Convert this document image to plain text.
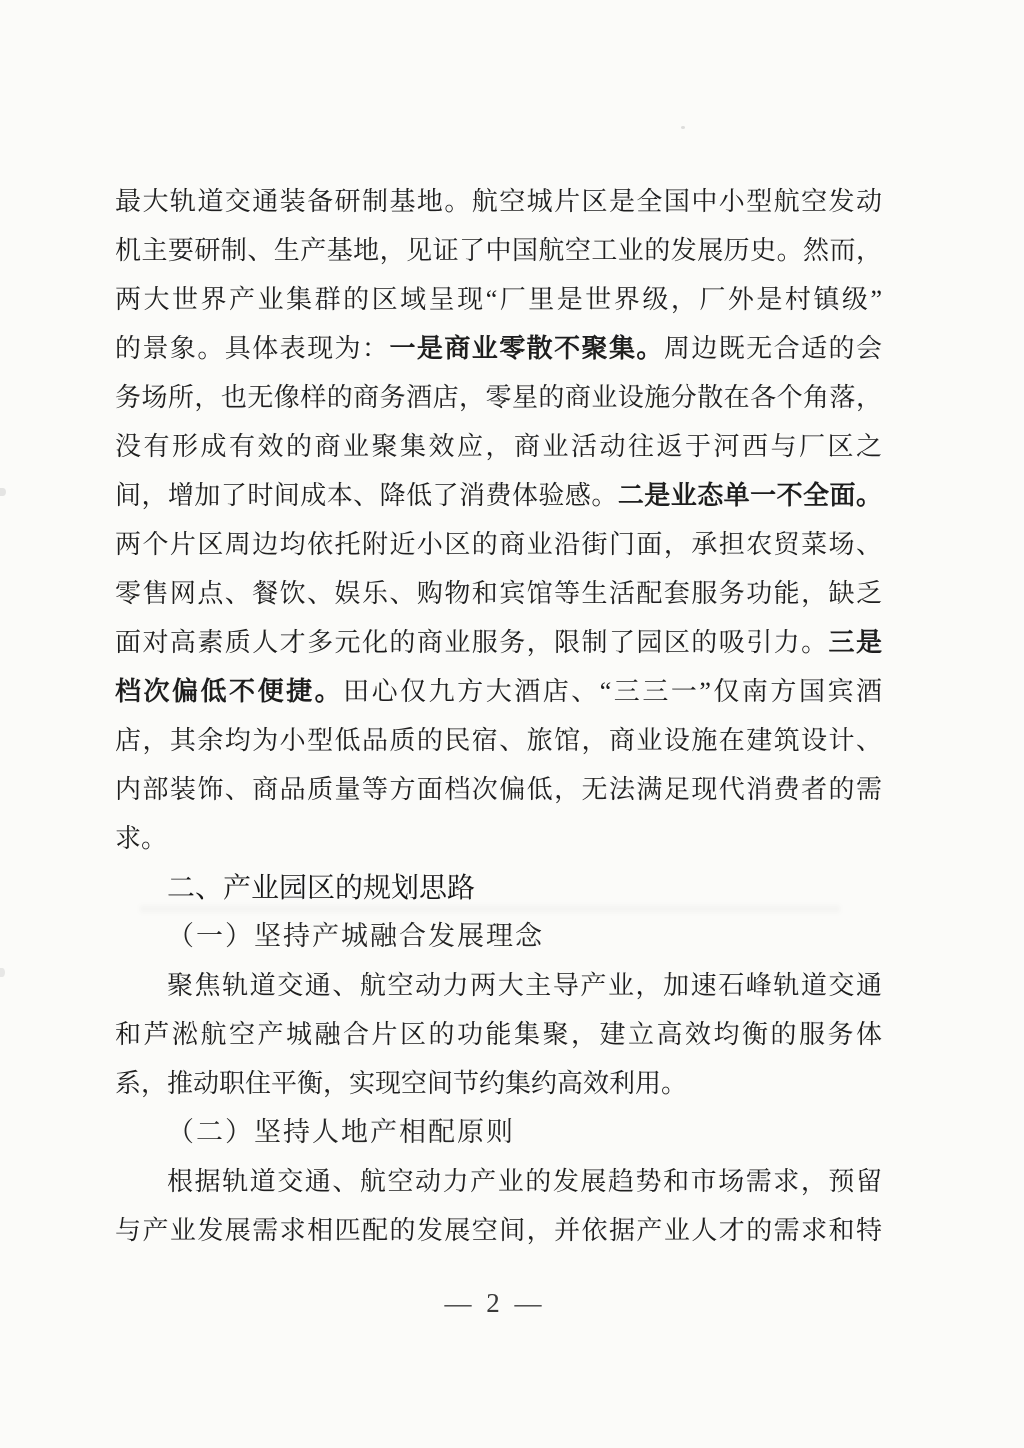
最大轨道交通装备研制基地。航空城片区是全国中小型航空发动
机主要研制、生产基地，见证了中国航空工业的发展历史。然而，
两大世界产业集群的区域呈现“厂里是世界级，厂外是村镇级”
的景象。具体表现为：一是商业零散不聚集。周边既无合适的会
务场所，也无像样的商务酒店，零星的商业设施分散在各个角落，
没有形成有效的商业聚集效应，商业活动往返于河西与厂区之
间，增加了时间成本、降低了消费体验感。二是业态单一不全面。
两个片区周边均依托附近小区的商业沿街门面，承担农贸菜场、
零售网点、餐饮、娱乐、购物和宾馆等生活配套服务功能，缺乏
面对高素质人才多元化的商业服务，限制了园区的吸引力。三是
档次偏低不便捷。田心仅九方大酒店、“三三一”仅南方国宾酒
店，其余均为小型低品质的民宿、旅馆，商业设施在建筑设计、
内部装饰、商品质量等方面档次偏低，无法满足现代消费者的需
求。
二、产业园区的规划思路
（一）坚持产城融合发展理念
聚焦轨道交通、航空动力两大主导产业，加速石峰轨道交通
和芦淞航空产城融合片区的功能集聚，建立高效均衡的服务体
系，推动职住平衡，实现空间节约集约高效利用。
（二）坚持人地产相配原则
根据轨道交通、航空动力产业的发展趋势和市场需求，预留
与产业发展需求相匹配的发展空间，并依据产业人才的需求和特
— 2 —
